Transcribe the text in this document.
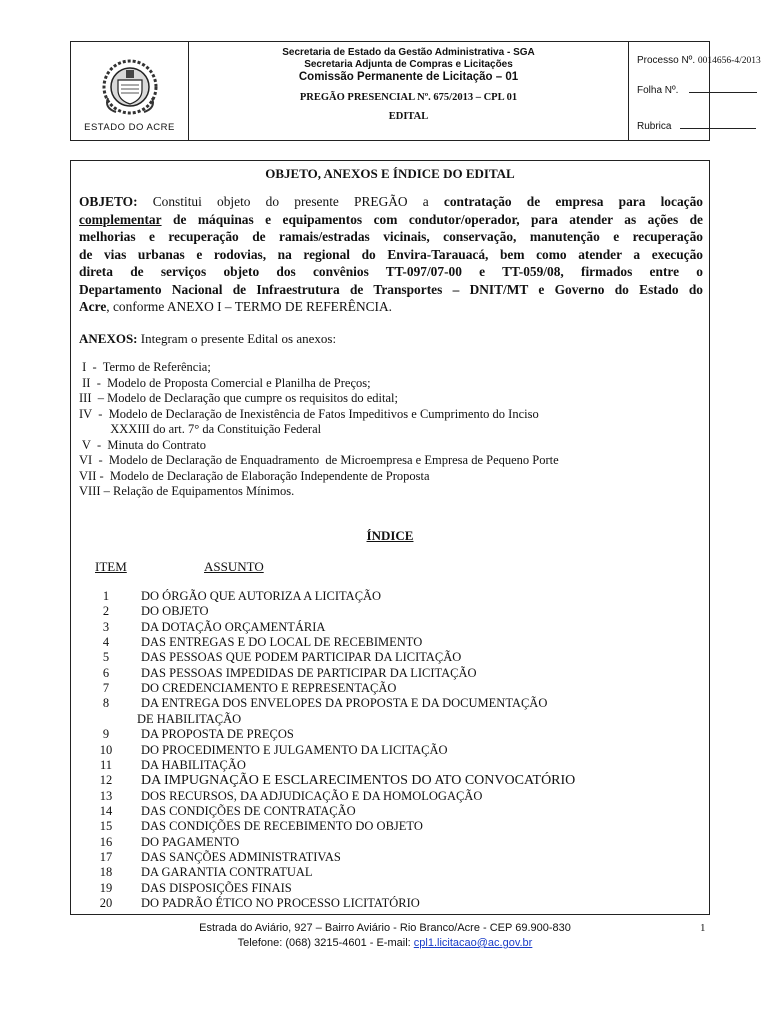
ESTADO DO ACRE
Secretaria de Estado da Gestão Administrativa - SGA
Secretaria Adjunta de Compras e Licitações
Comissão Permanente de Licitação – 01
PREGÃO PRESENCIAL Nº. 675/2013 – CPL 01
EDITAL
Processo Nº. 0014656-4/2013
Folha Nº.
Rubrica
OBJETO, ANEXOS E ÍNDICE DO EDITAL
OBJETO: Constitui objeto do presente PREGÃO a contratação de empresa para locação
complementar de máquinas e equipamentos com condutor/operador, para atender as ações de
melhorias e recuperação de ramais/estradas vicinais, conservação, manutenção e recuperação
de vias urbanas e rodovias, na regional do Envira-Tarauacá, bem como atender a execução
direta de serviços objeto dos convênios TT-097/07-00 e TT-059/08, firmados entre o
Departamento Nacional de Infraestrutura de Transportes – DNIT/MT e Governo do Estado do
Acre, conforme ANEXO I – TERMO DE REFERÊNCIA.
ANEXOS: Integram o presente Edital os anexos:
I  -  Termo de Referência;
II  -  Modelo de Proposta Comercial e Planilha de Preços;
III  – Modelo de Declaração que cumpre os requisitos do edital;
IV  -  Modelo de Declaração de Inexistência de Fatos Impeditivos e Cumprimento do Inciso
XXXIII do art. 7° da Constituição Federal
V  -  Minuta do Contrato
VI  -  Modelo de Declaração de Enquadramento  de Microempresa e Empresa de Pequeno Porte
VII -  Modelo de Declaração de Elaboração Independente de Proposta
VIII – Relação de Equipamentos Mínimos.
ÍNDICE
ITEM	ASSUNTO
1	DO ÓRGÃO QUE AUTORIZA A LICITAÇÃO
2	DO OBJETO
3	DA DOTAÇÃO ORÇAMENTÁRIA
4	DAS ENTREGAS E DO LOCAL DE RECEBIMENTO
5	DAS PESSOAS QUE PODEM PARTICIPAR DA LICITAÇÃO
6	DAS PESSOAS IMPEDIDAS DE PARTICIPAR DA LICITAÇÃO
7	DO CREDENCIAMENTO E REPRESENTAÇÃO
8	DA ENTREGA DOS ENVELOPES DA PROPOSTA E DA DOCUMENTAÇÃO
DE HABILITAÇÃO
9	DA PROPOSTA DE PREÇOS
10	DO PROCEDIMENTO E JULGAMENTO DA LICITAÇÃO
11	DA HABILITAÇÃO
12	DA IMPUGNAÇÃO E ESCLARECIMENTOS DO ATO CONVOCATÓRIO
13	DOS RECURSOS, DA ADJUDICAÇÃO E DA HOMOLOGAÇÃO
14	DAS CONDIÇÕES DE CONTRATAÇÃO
15	DAS CONDIÇÕES DE RECEBIMENTO DO OBJETO
16	DO PAGAMENTO
17	DAS SANÇÕES ADMINISTRATIVAS
18	DA GARANTIA CONTRATUAL
19	DAS DISPOSIÇÕES FINAIS
20	DO PADRÃO ÉTICO NO PROCESSO LICITATÓRIO
Estrada do Aviário, 927 – Bairro Aviário - Rio Branco/Acre - CEP 69.900-830
Telefone: (068) 3215-4601 - E-mail: cpl1.licitacao@ac.gov.br
1
